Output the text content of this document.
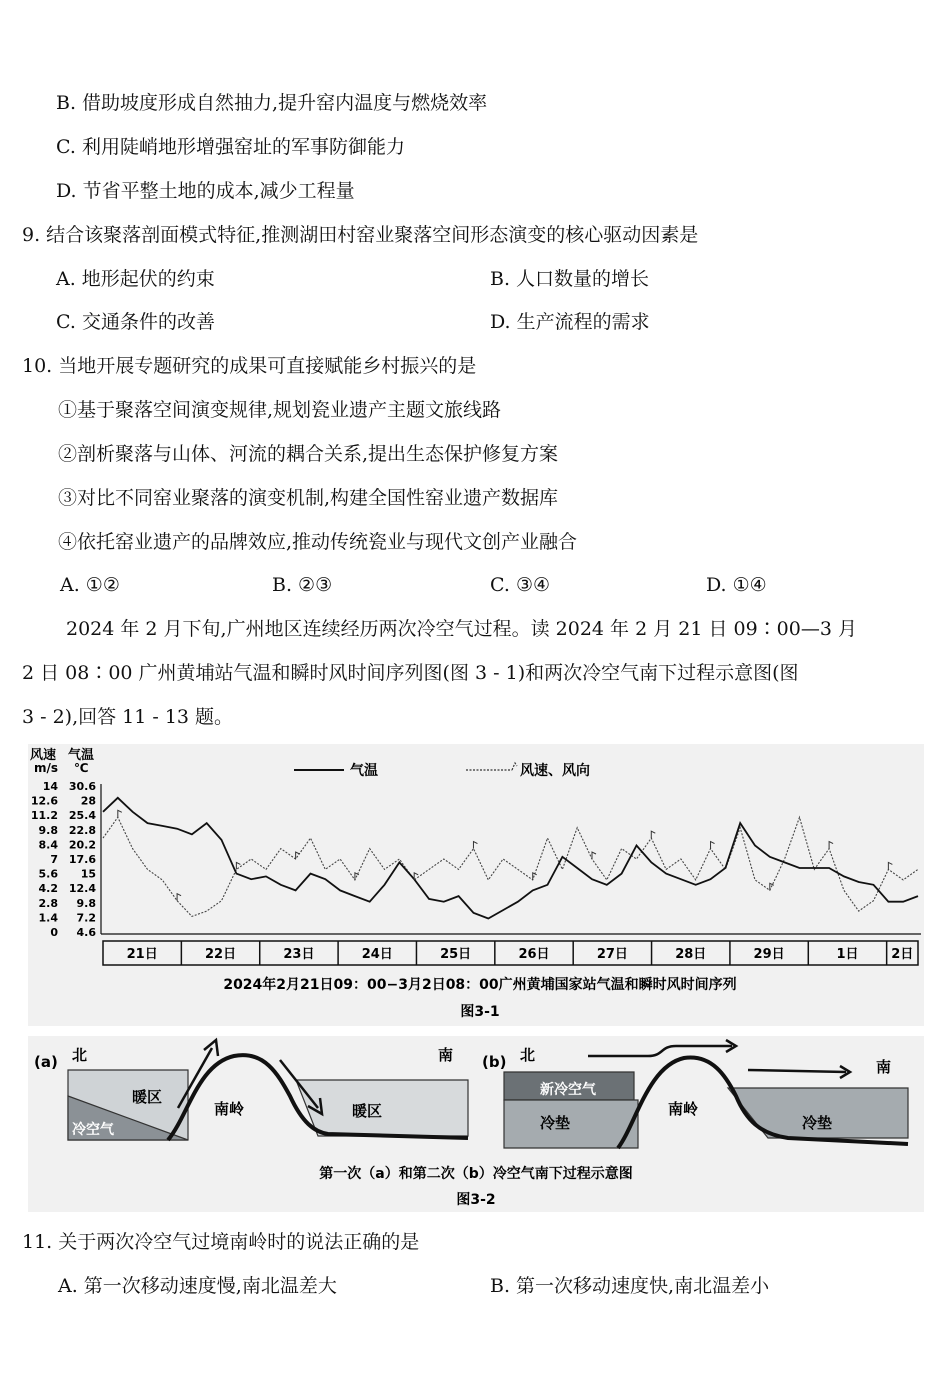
B. 借助坡度形成自然抽力,提升窑内温度与燃烧效率
C. 利用陡峭地形增强窑址的军事防御能力
D. 节省平整土地的成本,减少工程量
9. 结合该聚落剖面模式特征,推测湖田村窑业聚落空间形态演变的核心驱动因素是
A. 地形起伏的约束	B. 人口数量的增长
C. 交通条件的改善	D. 生产流程的需求
10. 当地开展专题研究的成果可直接赋能乡村振兴的是
①基于聚落空间演变规律,规划瓷业遗产主题文旅线路
②剖析聚落与山体、河流的耦合关系,提出生态保护修复方案
③对比不同窑业聚落的演变机制,构建全国性窑业遗产数据库
④依托窑业遗产的品牌效应,推动传统瓷业与现代文创产业融合
A. ①②	B. ②③	C. ③④	D. ①④
2024 年 2 月下旬,广州地区连续经历两次冷空气过程。读 2024 年 2 月 21 日 09∶00—3 月
2 日 08∶00 广州黄埔站气温和瞬时风时间序列图(图 3 - 1)和两次冷空气南下过程示意图(图
3 - 2),回答 11 - 13 题。
风速
m/s
气温
℃
14 30.6
12.6 28
11.2 25.4
9.8 22.8
8.4 20.2
7 17.6
5.6 15
4.2 12.4
2.8 9.8
1.4 7.2
0 4.6
气温	风速、风向
21日	22日	23日	24日	25日	26日	27日	28日	29日	1日	2日
2024年2月21日09：00−3月2日08：00广州黄埔国家站气温和瞬时风时间序列
图3-1
(a) 北	南
暖区
暖区
冷空气
南岭
(b) 北
南
新冷空气
冷垫
南岭
冷垫
第一次（a）和第二次（b）冷空气南下过程示意图
图3-2
11. 关于两次冷空气过境南岭时的说法正确的是
A. 第一次移动速度慢,南北温差大	B. 第一次移动速度快,南北温差小
